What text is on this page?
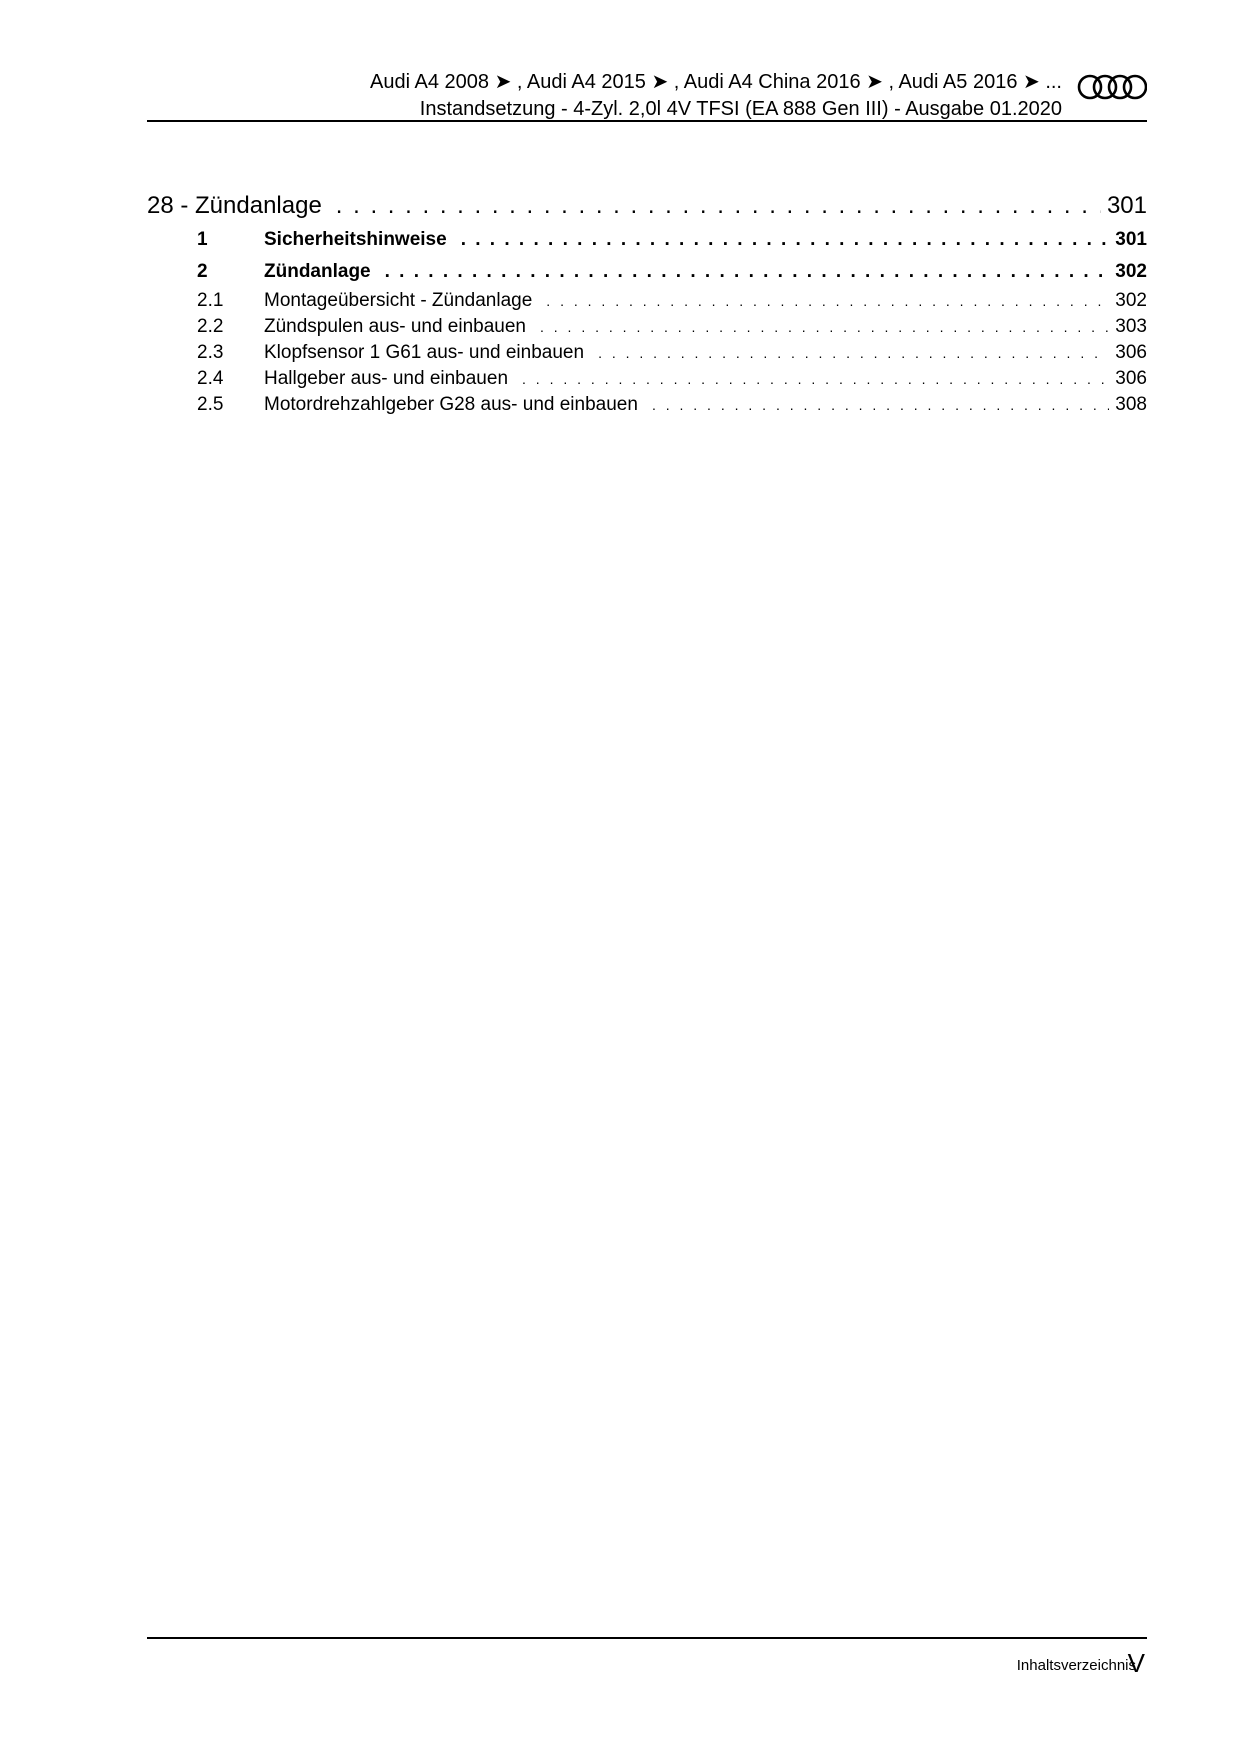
Audi A4 2008 ➤ , Audi A4 2015 ➤ , Audi A4 China 2016 ➤ , Audi A5 2016 ➤ ...
Instandsetzung - 4-Zyl. 2,0l 4V TFSI (EA 888 Gen III) - Ausgabe 01.2020
28 - Zündanlage . . .	301
1	Sicherheitshinweise . . .	301
2	Zündanlage . . .	302
2.1	Montageübersicht - Zündanlage . . .	302
2.2	Zündspulen aus- und einbauen . . .	303
2.3	Klopfsensor 1 G61 aus- und einbauen . . .	306
2.4	Hallgeber aus- und einbauen . . .	306
2.5	Motordrehzahlgeber G28 aus- und einbauen . . .	308
Inhaltsverzeichnis
V
